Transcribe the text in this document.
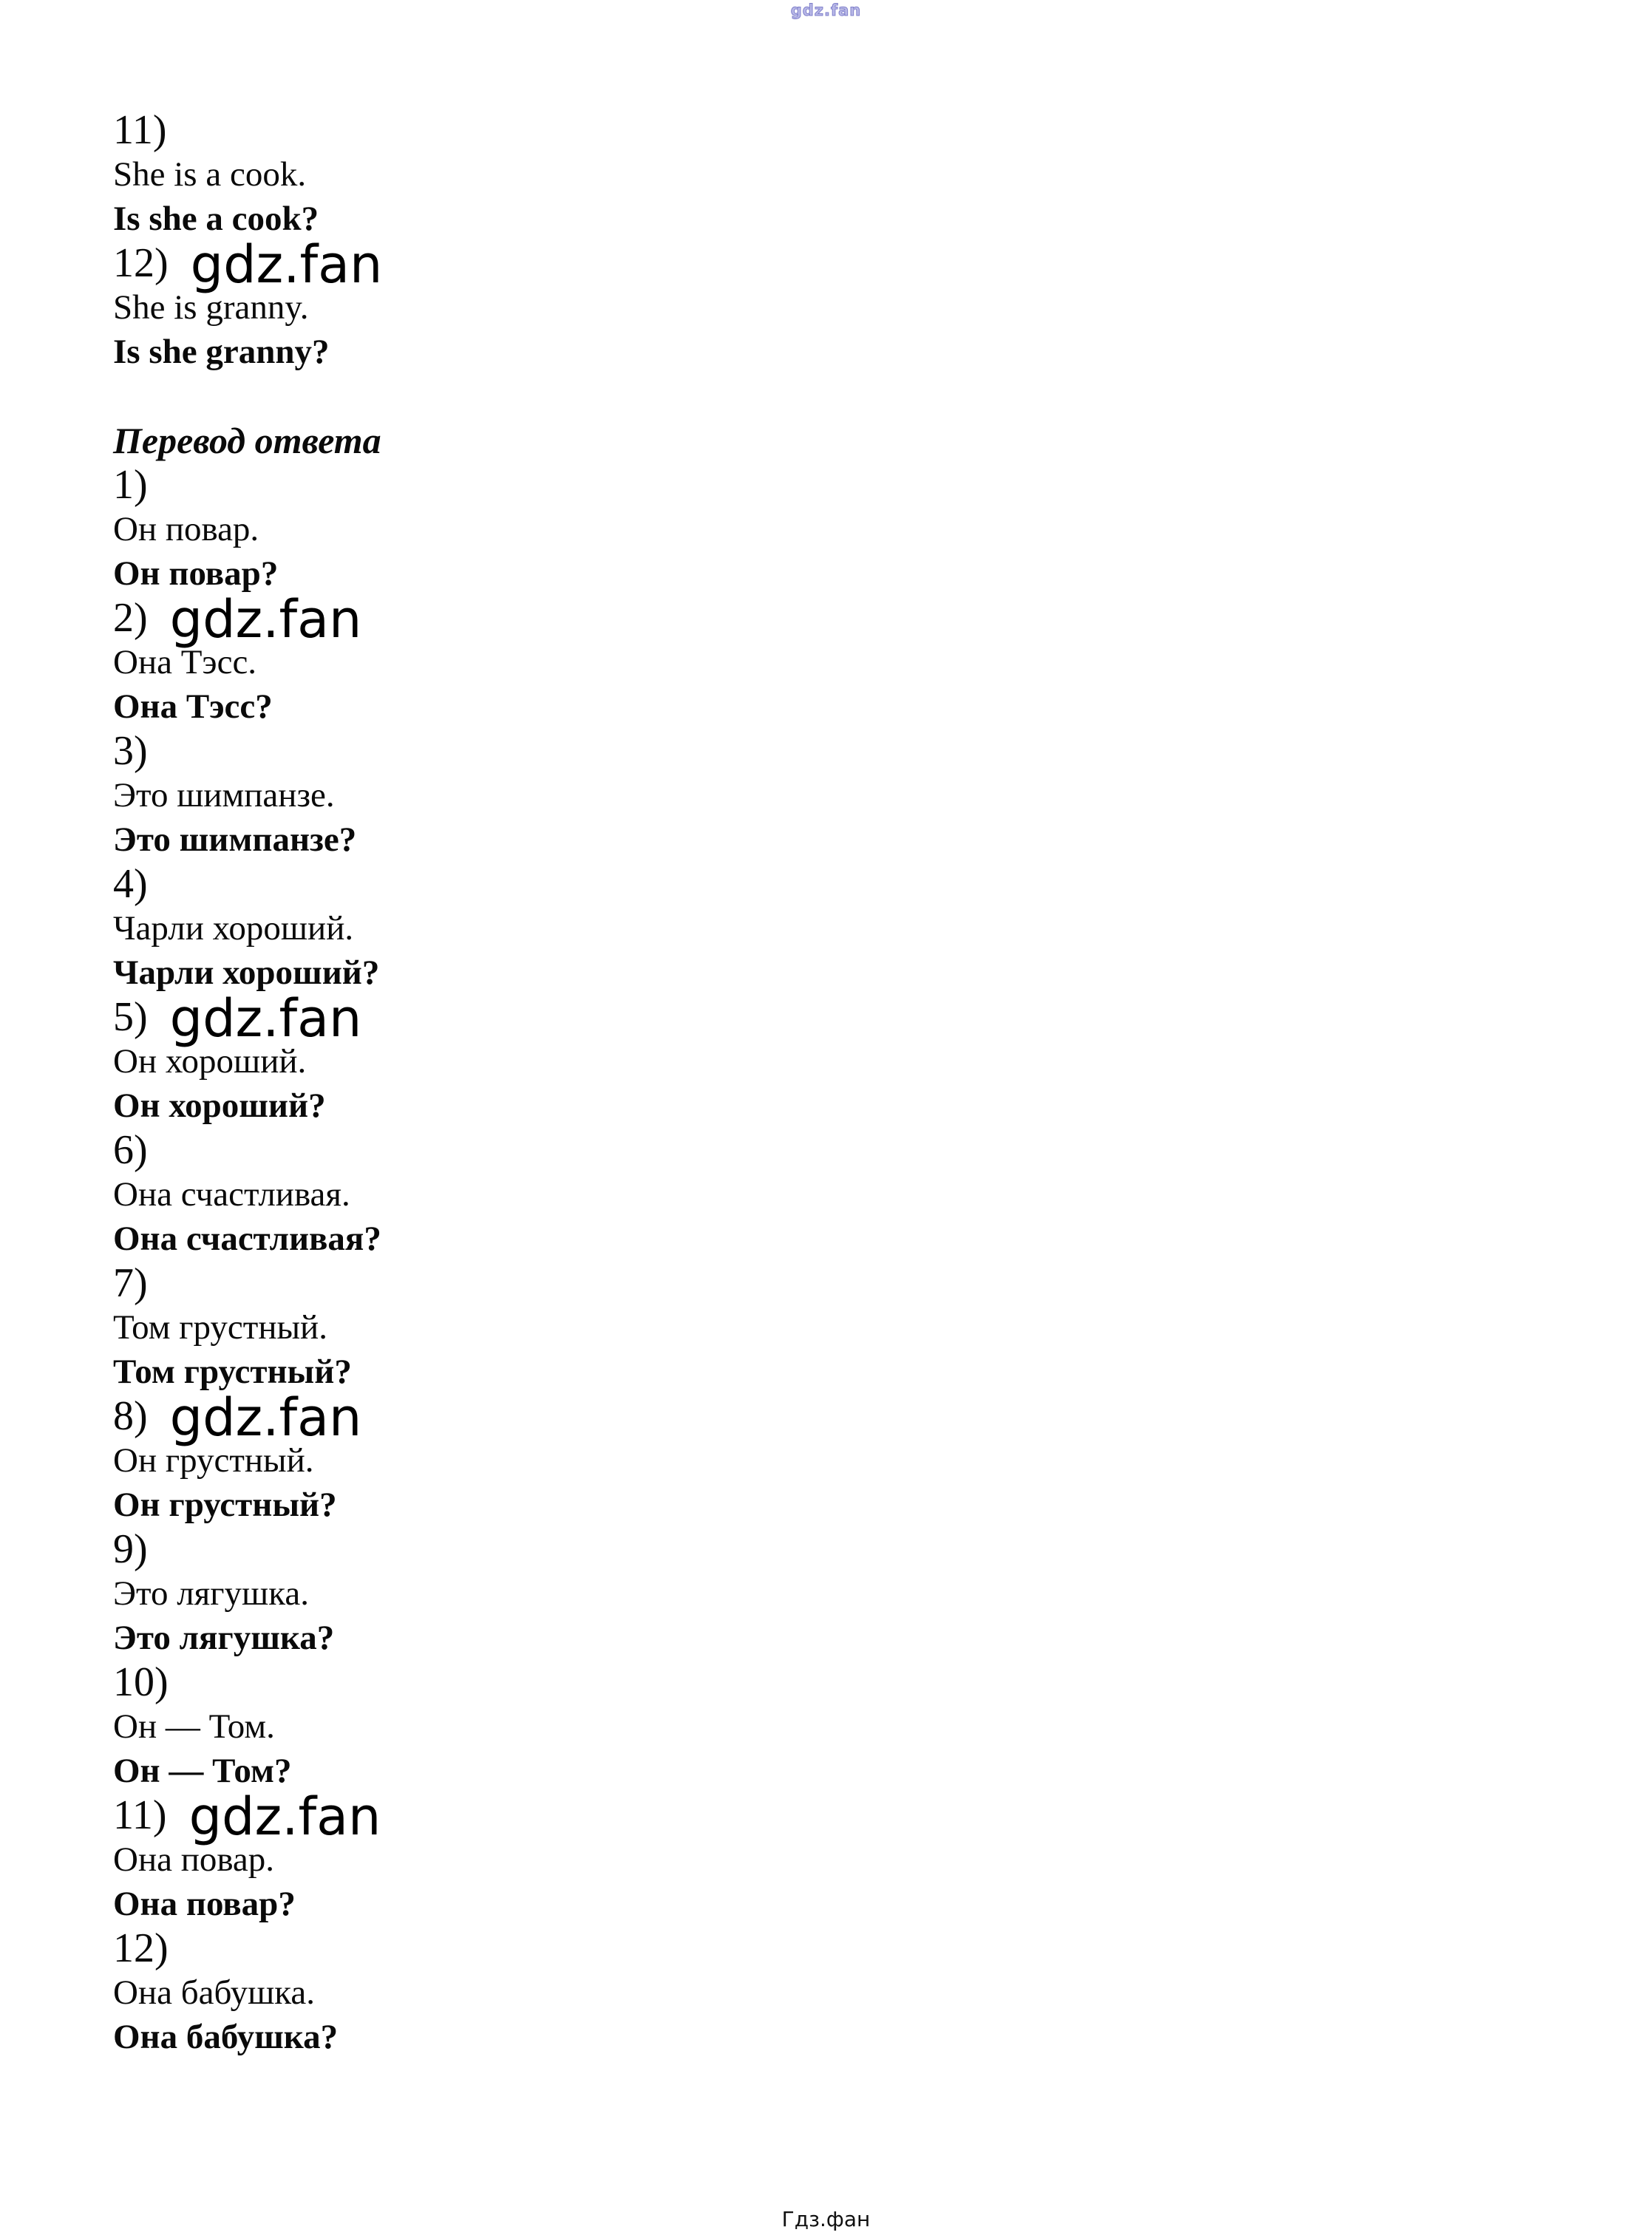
gdz.fan
11)
She is a cook.
Is she a cook?
12) gdz.fan
She is granny.
Is she granny?
Перевод ответа
1)
Он повар.
Он повар?
2) gdz.fan
Она Тэсс.
Она Тэсс?
3)
Это шимпанзе.
Это шимпанзе?
4)
Чарли хороший.
Чарли хороший?
5) gdz.fan
Он хороший.
Он хороший?
6)
Она счастливая.
Она счастливая?
7)
Том грустный.
Том грустный?
8) gdz.fan
Он грустный.
Он грустный?
9)
Это лягушка.
Это лягушка?
10)
Он — Том.
Он — Том?
11) gdz.fan
Она повар.
Она повар?
12)
Она бабушка.
Она бабушка?
Гдз.фан
